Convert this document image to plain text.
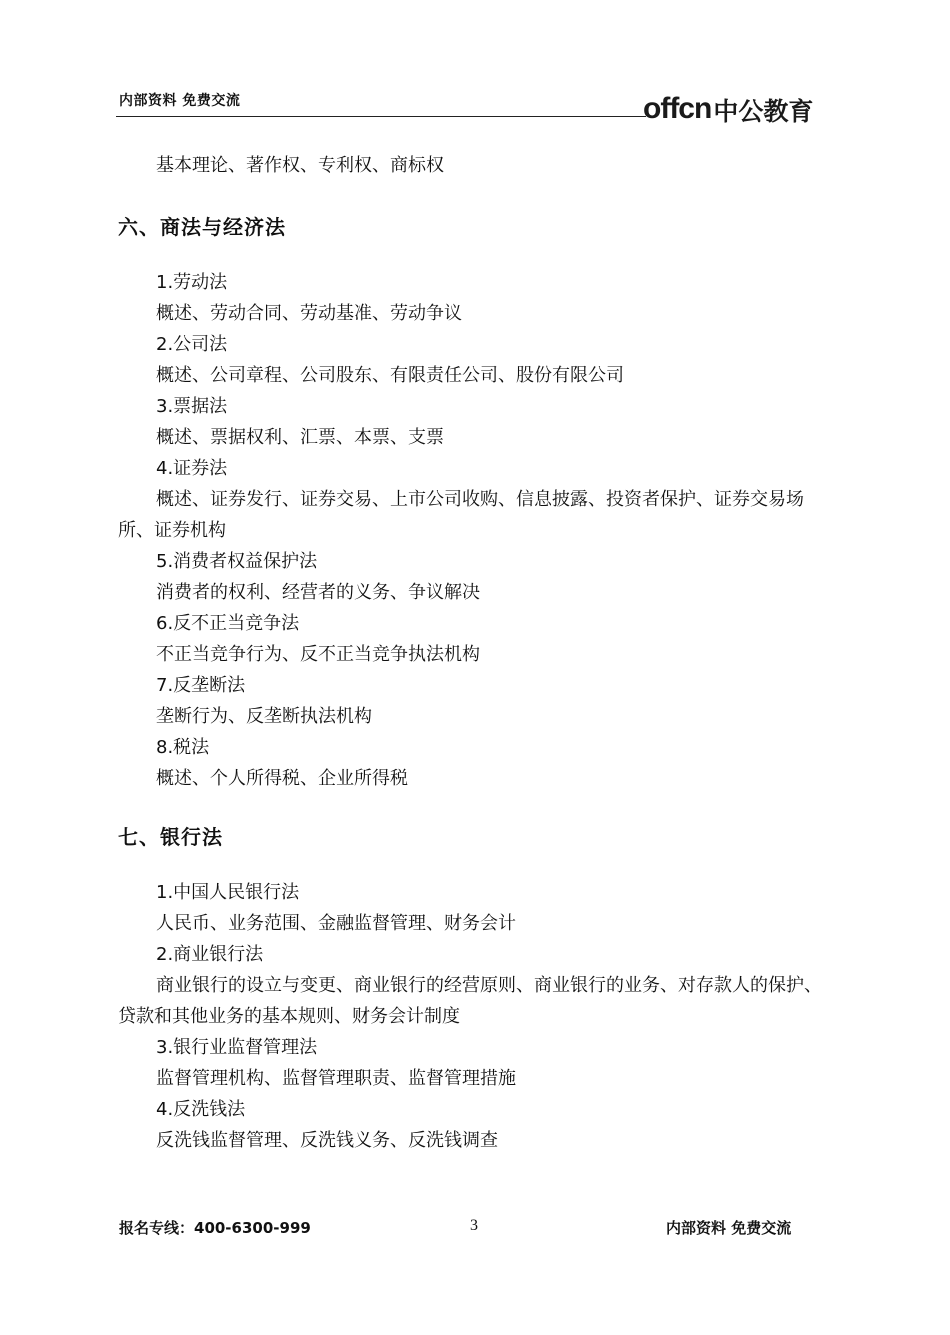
内部资料 免费交流	offcn 中公教育
基本理论、著作权、专利权、商标权
六、商法与经济法
1.劳动法
概述、劳动合同、劳动基准、劳动争议
2.公司法
概述、公司章程、公司股东、有限责任公司、股份有限公司
3.票据法
概述、票据权利、汇票、本票、支票
4.证券法
概述、证券发行、证券交易、上市公司收购、信息披露、投资者保护、证券交易场
所、证券机构
5.消费者权益保护法
消费者的权利、经营者的义务、争议解决
6.反不正当竞争法
不正当竞争行为、反不正当竞争执法机构
7.反垄断法
垄断行为、反垄断执法机构
8.税法
概述、个人所得税、企业所得税
七、银行法
1.中国人民银行法
人民币、业务范围、金融监督管理、财务会计
2.商业银行法
商业银行的设立与变更、商业银行的经营原则、商业银行的业务、对存款人的保护、
贷款和其他业务的基本规则、财务会计制度
3.银行业监督管理法
监督管理机构、监督管理职责、监督管理措施
4.反洗钱法
反洗钱监督管理、反洗钱义务、反洗钱调查
报名专线：400-6300-999	3	内部资料 免费交流
